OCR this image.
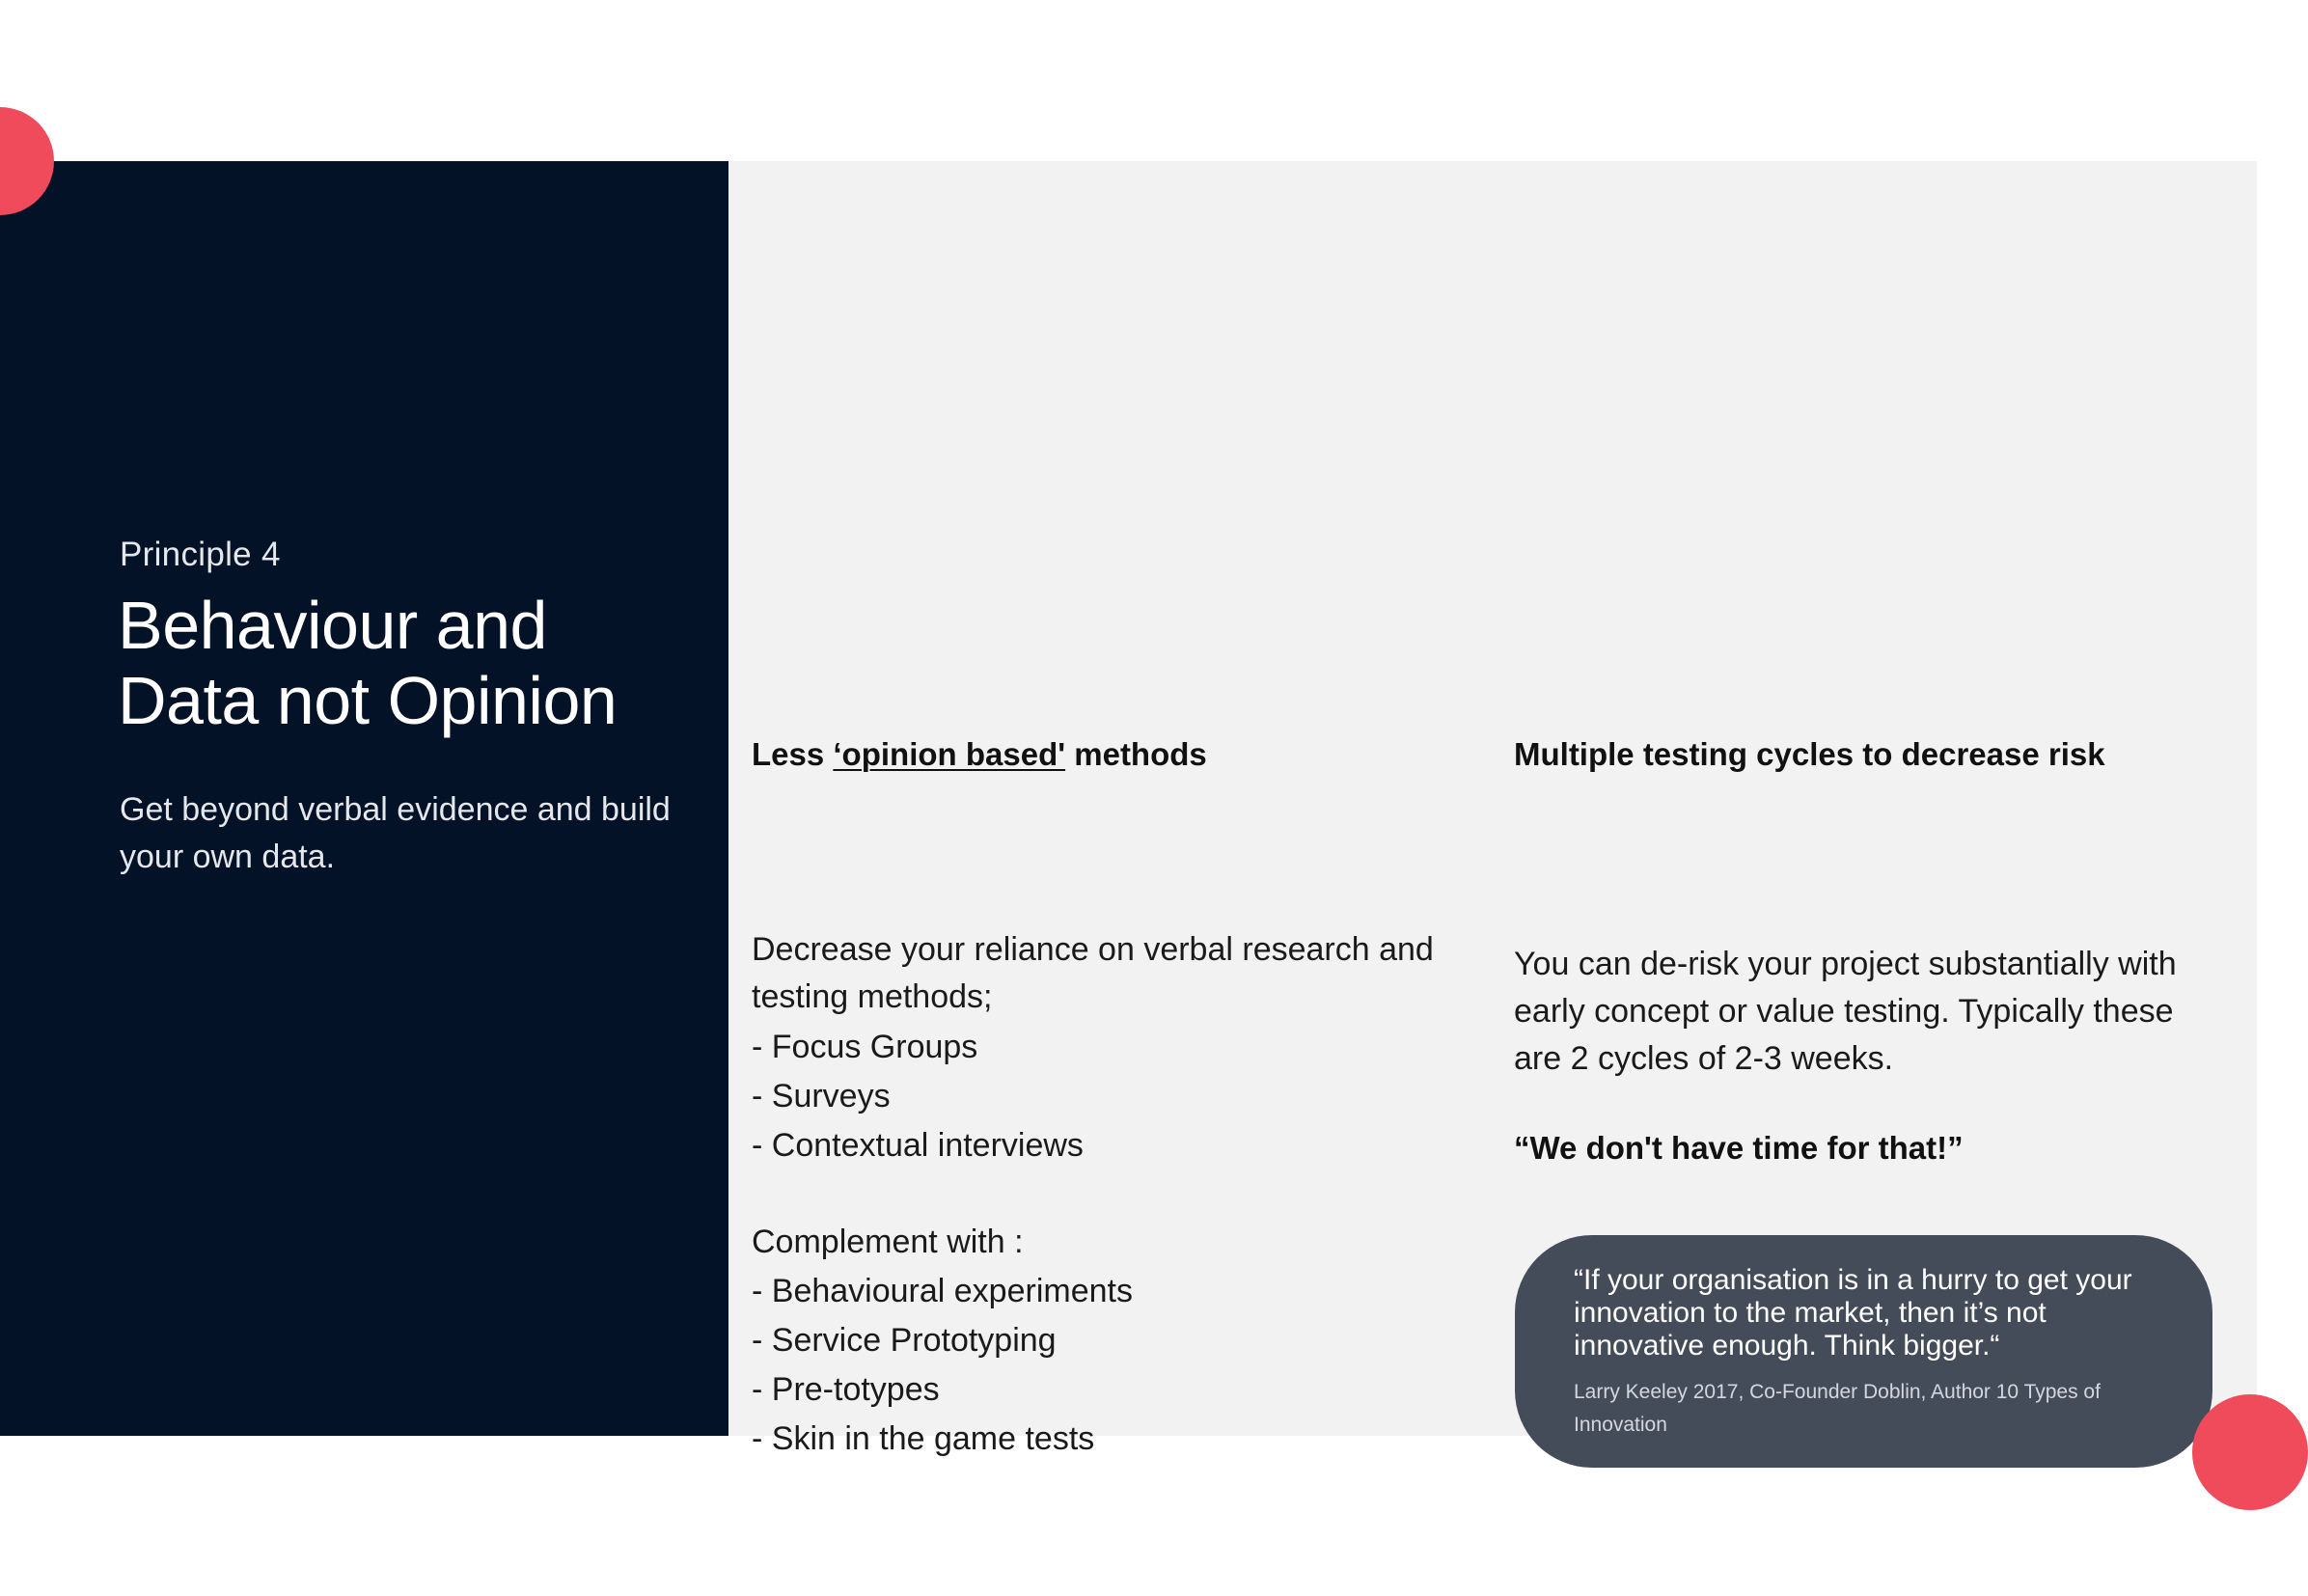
Principle 4
Behaviour and Data not Opinion
Get beyond verbal evidence and build your own data.
Less ‘opinion based' methods

Decrease your reliance on verbal research and testing methods;

- Focus Groups

- Surveys

- Contextual interviews

Complement with :

- Behavioural experiments

- Service Prototyping

- Pre-totypes

- Skin in the game tests

Multiple testing cycles to decrease risk

You can de-risk your project substantially with early concept or value testing. Typically these are 2 cycles of 2-3 weeks.

“We don't have time for that!”
“If your organisation is in a hurry to get your innovation to the market, then it’s not innovative enough. Think bigger.“
Larry Keeley 2017, Co-Founder Doblin, Author 10 Types of Innovation
